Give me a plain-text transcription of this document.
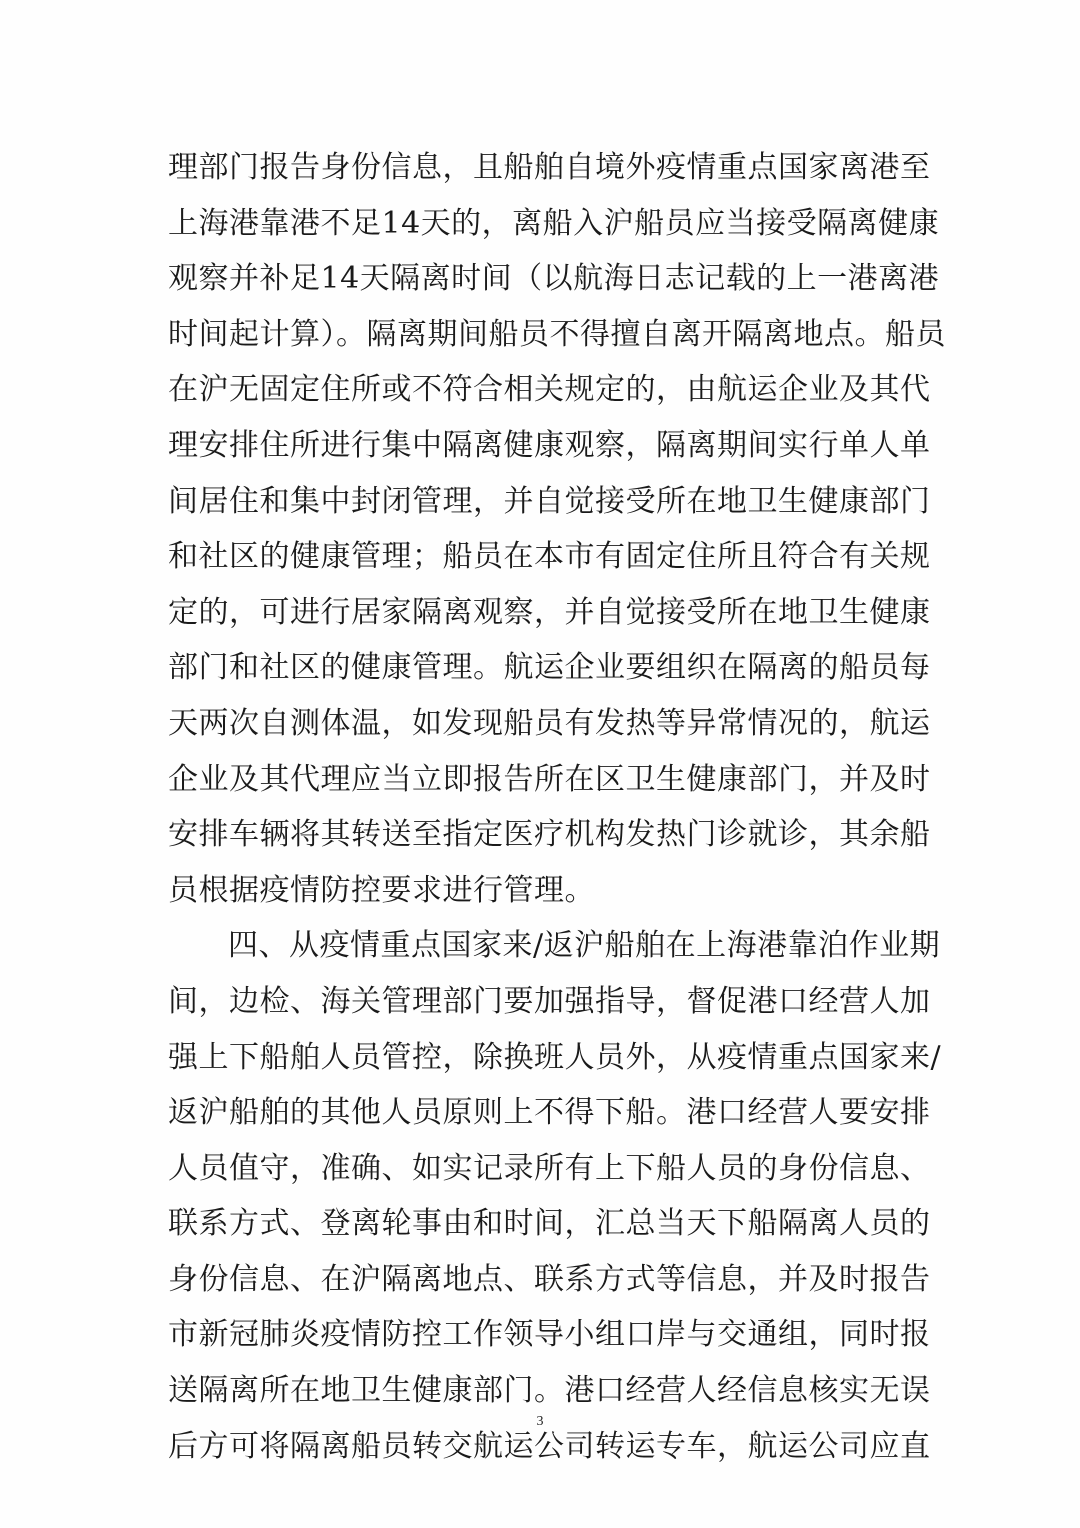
理部门报告身份信息，且船舶自境外疫情重点国家离港至
上海港靠港不足14天的，离船入沪船员应当接受隔离健康
观察并补足14天隔离时间（以航海日志记载的上一港离港
时间起计算）。隔离期间船员不得擅自离开隔离地点。船员
在沪无固定住所或不符合相关规定的，由航运企业及其代
理安排住所进行集中隔离健康观察，隔离期间实行单人单
间居住和集中封闭管理，并自觉接受所在地卫生健康部门
和社区的健康管理；船员在本市有固定住所且符合有关规
定的，可进行居家隔离观察，并自觉接受所在地卫生健康
部门和社区的健康管理。航运企业要组织在隔离的船员每
天两次自测体温，如发现船员有发热等异常情况的，航运
企业及其代理应当立即报告所在区卫生健康部门，并及时
安排车辆将其转送至指定医疗机构发热门诊就诊，其余船
员根据疫情防控要求进行管理。
四、从疫情重点国家来/返沪船舶在上海港靠泊作业期
间，边检、海关管理部门要加强指导，督促港口经营人加
强上下船舶人员管控，除换班人员外，从疫情重点国家来/
返沪船舶的其他人员原则上不得下船。港口经营人要安排
人员值守，准确、如实记录所有上下船人员的身份信息、
联系方式、登离轮事由和时间，汇总当天下船隔离人员的
身份信息、在沪隔离地点、联系方式等信息，并及时报告
市新冠肺炎疫情防控工作领导小组口岸与交通组，同时报
送隔离所在地卫生健康部门。港口经营人经信息核实无误
后方可将隔离船员转交航运公司转运专车，航运公司应直
3
